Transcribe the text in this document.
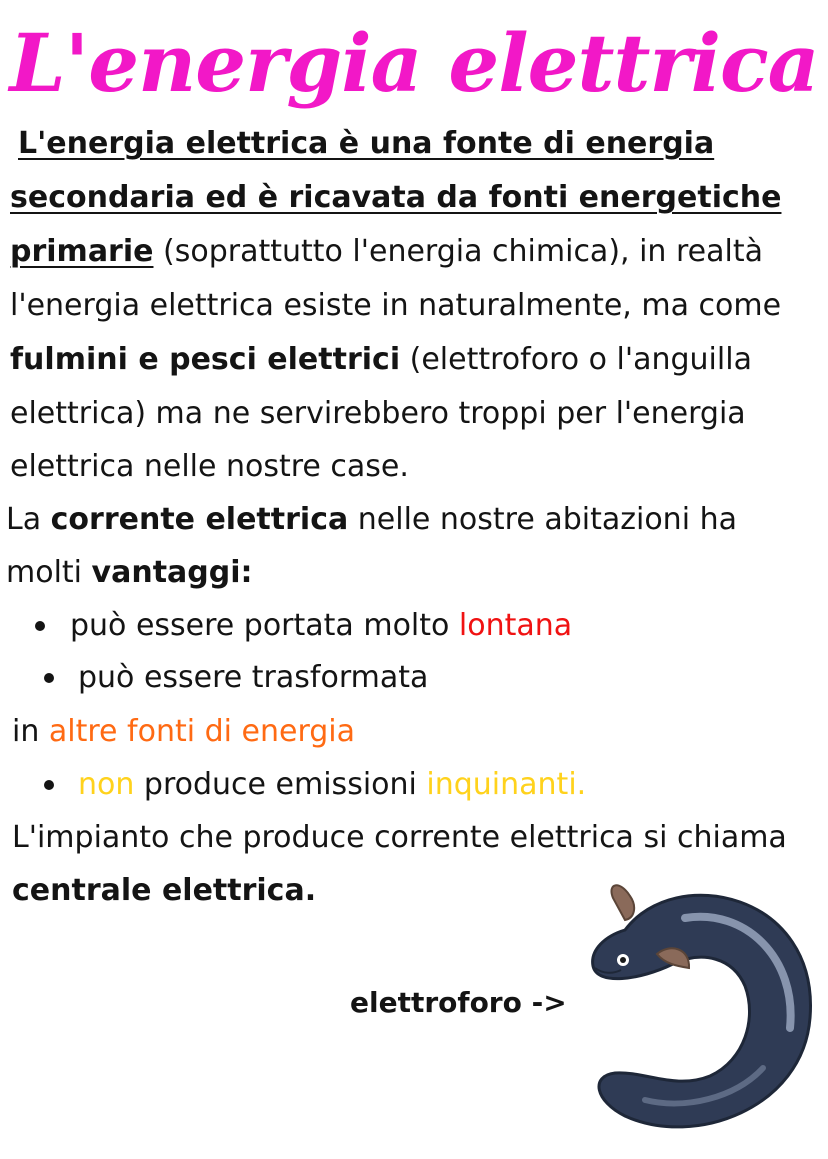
L'energia elettrica
L'energia elettrica è una fonte di energia
secondaria ed è ricavata da fonti energetiche
primarie (soprattutto l'energia chimica), in realtà
l'energia elettrica esiste in naturalmente, ma come
fulmini e pesci elettrici (elettroforo o l'anguilla
elettrica) ma ne servirebbero troppi per l'energia
elettrica nelle nostre case.
La corrente elettrica nelle nostre abitazioni ha
molti vantaggi:
può essere portata molto lontana
può essere trasformata
in altre fonti di energia
non produce emissioni inquinanti.
L'impianto che produce corrente elettrica si chiama
centrale elettrica.
elettroforo ->
